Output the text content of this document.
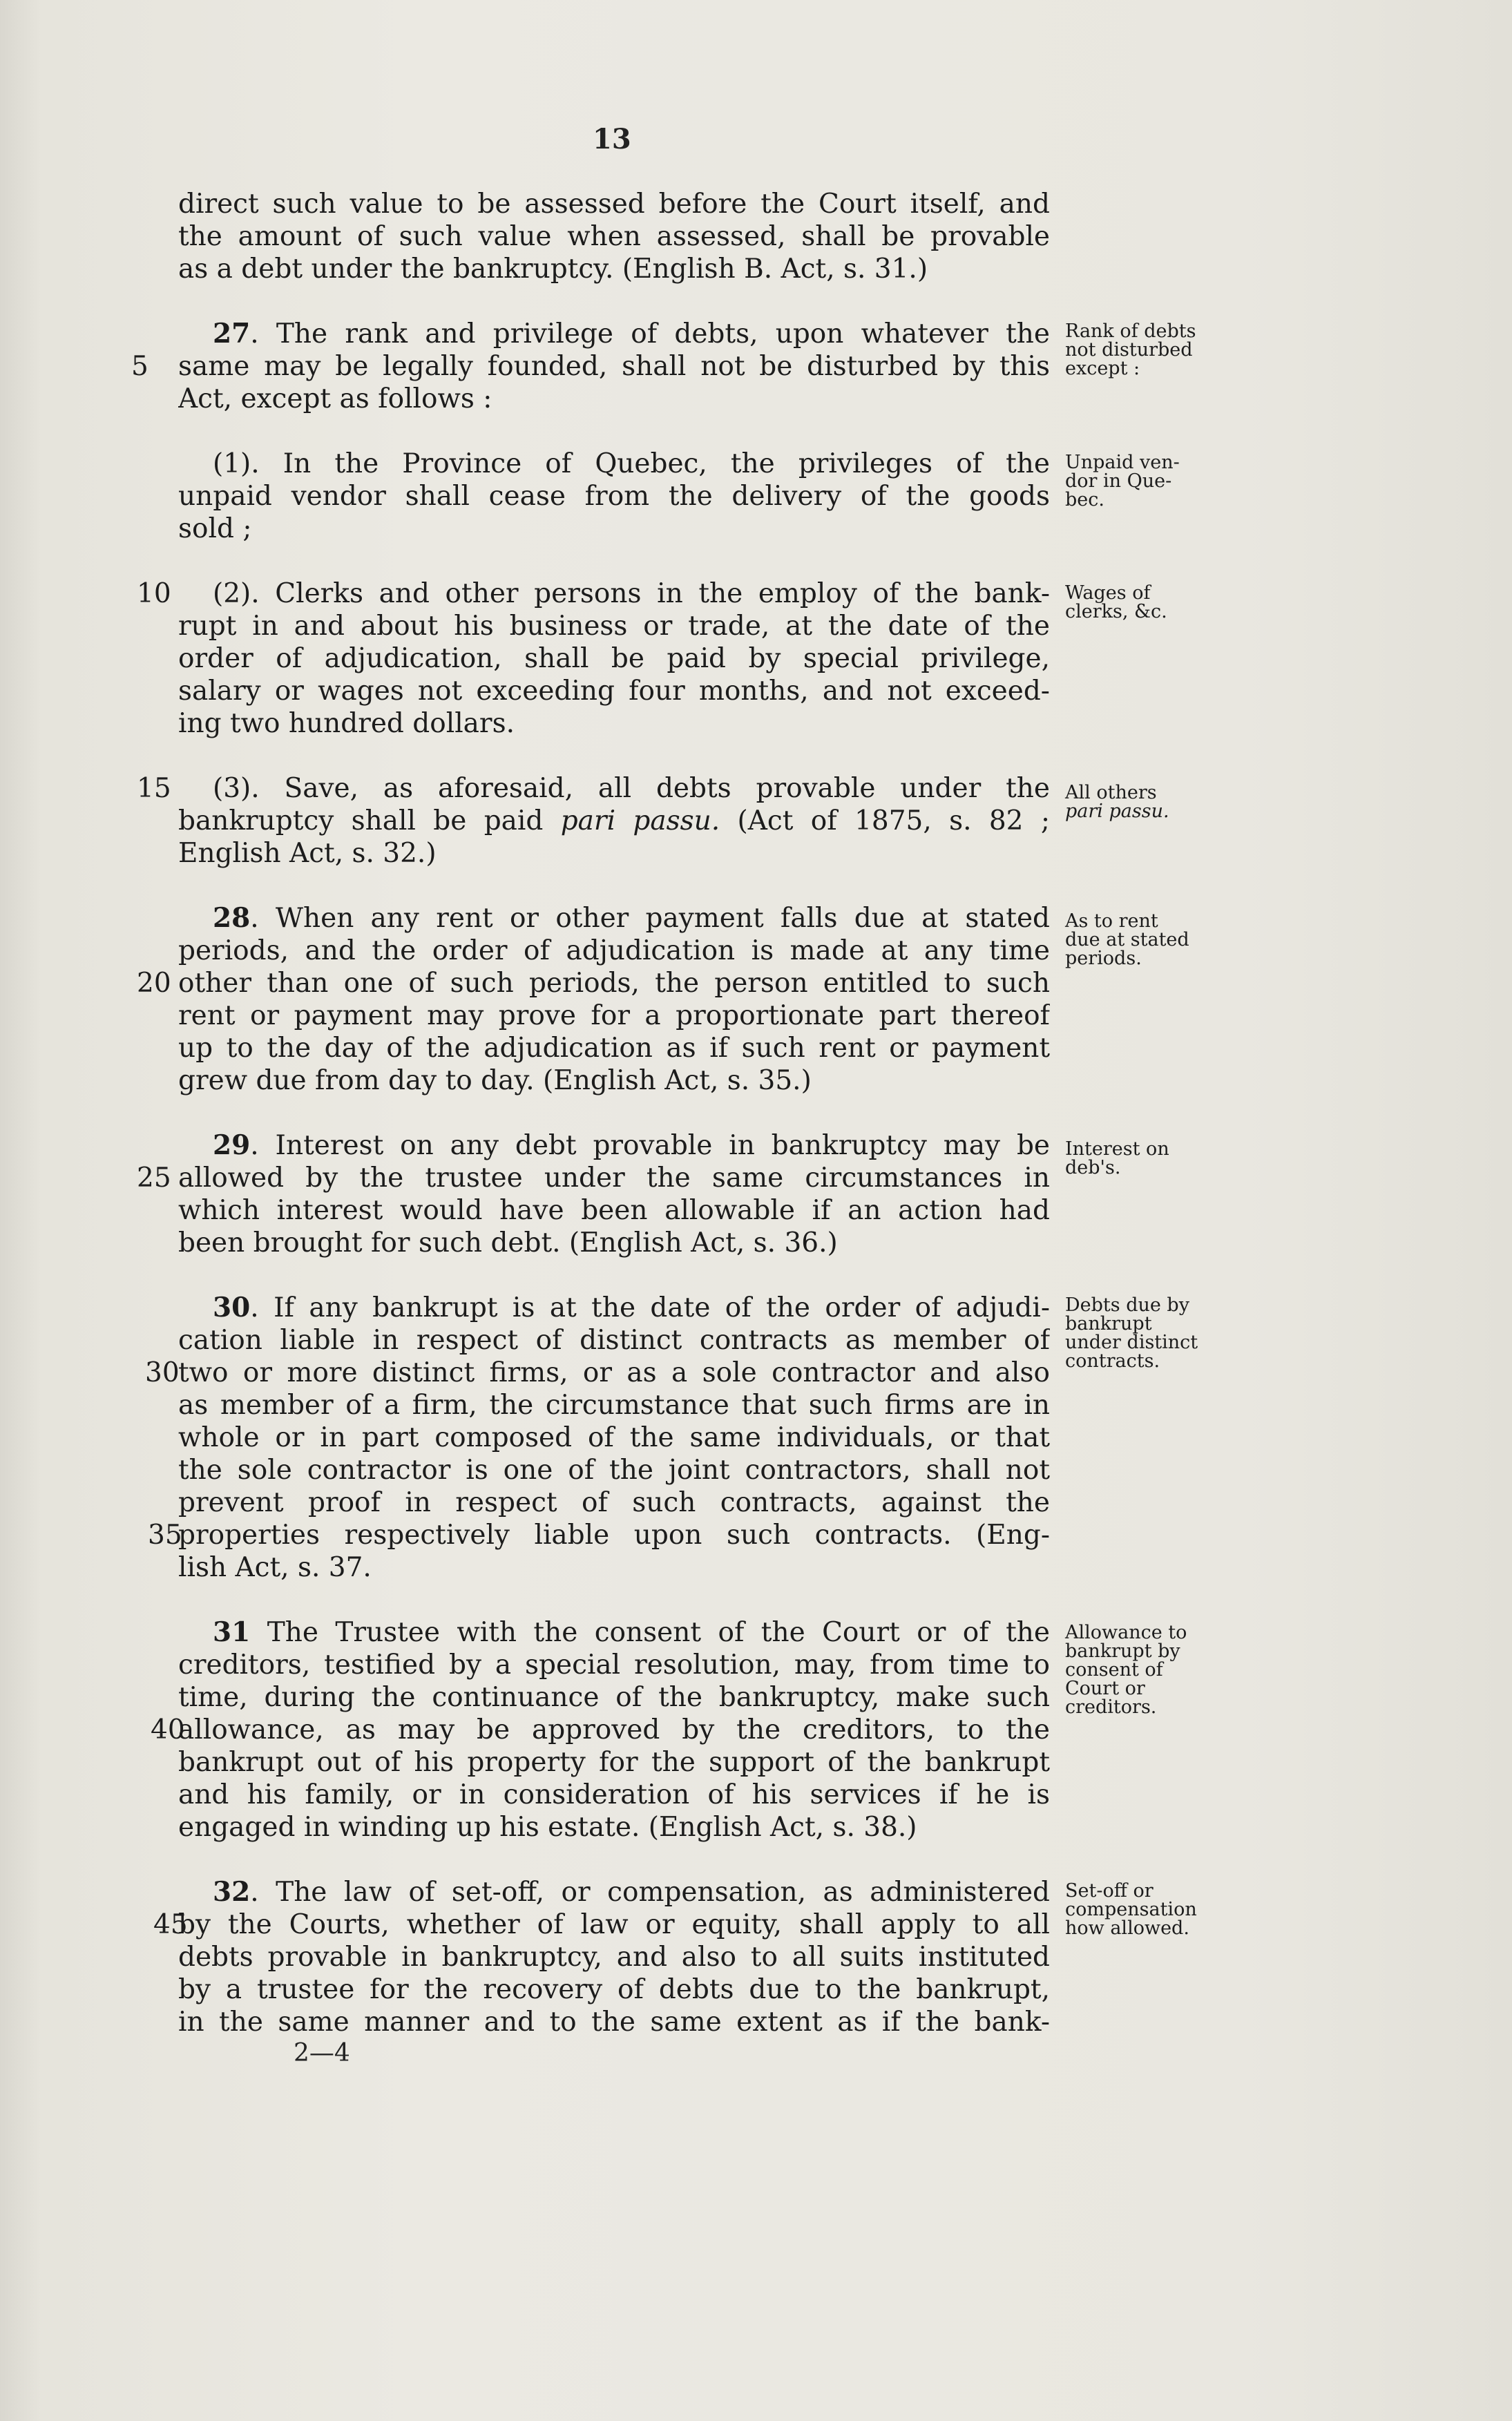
13
direct such value to be assessed before the Court itself, and
the amount of such value when assessed, shall be provable
as a debt under the bankruptcy. (English B. Act, s. 31.)
27. The rank and privilege of debts, upon whatever the
same may be legally founded, shall not be disturbed by this
Act, except as follows :
(1). In the Province of Quebec, the privileges of the
unpaid vendor shall cease from the delivery of the goods
sold ;
(2). Clerks and other persons in the employ of the bank-
rupt in and about his business or trade, at the date of the
order of adjudication, shall be paid by special privilege,
salary or wages not exceeding four months, and not exceed-
ing two hundred dollars.
(3). Save, as aforesaid, all debts provable under the
bankruptcy shall be paid pari passu. (Act of 1875, s. 82 ;
English Act, s. 32.)
28. When any rent or other payment falls due at stated
periods, and the order of adjudication is made at any time
other than one of such periods, the person entitled to such
rent or payment may prove for a proportionate part thereof
up to the day of the adjudication as if such rent or payment
grew due from day to day. (English Act, s. 35.)
29. Interest on any debt provable in bankruptcy may be
allowed by the trustee under the same circumstances in
which interest would have been allowable if an action had
been brought for such debt. (English Act, s. 36.)
30. If any bankrupt is at the date of the order of adjudi-
cation liable in respect of distinct contracts as member of
two or more distinct firms, or as a sole contractor and also
as member of a firm, the circumstance that such firms are in
whole or in part composed of the same individuals, or that
the sole contractor is one of the joint contractors, shall not
prevent proof in respect of such contracts, against the
properties respectively liable upon such contracts. (Eng-
lish Act, s. 37.
31 The Trustee with the consent of the Court or of the
creditors, testified by a special resolution, may, from time to
time, during the continuance of the bankruptcy, make such
allowance, as may be approved by the creditors, to the
bankrupt out of his property for the support of the bankrupt
and his family, or in consideration of his services if he is
engaged in winding up his estate. (English Act, s. 38.)
32. The law of set-off, or compensation, as administered
by the Courts, whether of law or equity, shall apply to all
debts provable in bankruptcy, and also to all suits instituted
by a trustee for the recovery of debts due to the bankrupt,
in the same manner and to the same extent as if the bank-
5
10
15
20
25
30
35
40
45
Rank of debts
not disturbed
except :
Unpaid ven-
dor in Que-
bec.
Wages of
clerks, &c.
All others
pari passu.
As to rent
due at stated
periods.
Interest on
deb's.
Debts due by
bankrupt
under distinct
contracts.
Allowance to
bankrupt by
consent of
Court or
creditors.
Set-off or
compensation
how allowed.
2—4
